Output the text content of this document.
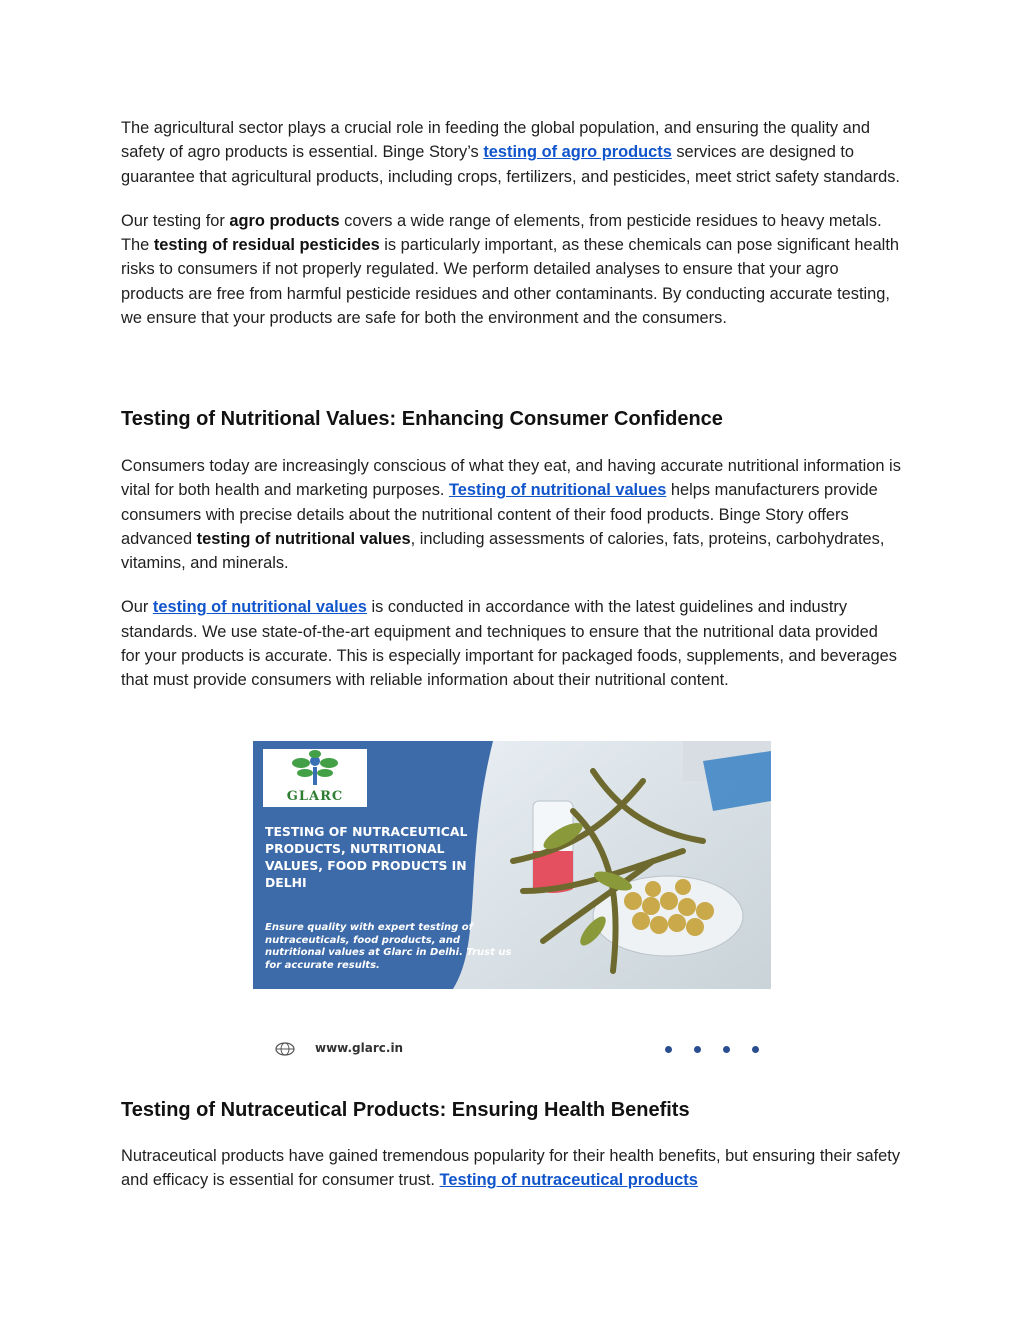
The agricultural sector plays a crucial role in feeding the global population, and ensuring the quality and safety of agro products is essential. Binge Story’s testing of agro products services are designed to guarantee that agricultural products, including crops, fertilizers, and pesticides, meet strict safety standards.

Our testing for agro products covers a wide range of elements, from pesticide residues to heavy metals. The testing of residual pesticides is particularly important, as these chemicals can pose significant health risks to consumers if not properly regulated. We perform detailed analyses to ensure that your agro products are free from harmful pesticide residues and other contaminants. By conducting accurate testing, we ensure that your products are safe for both the environment and the consumers.

Testing of Nutritional Values: Enhancing Consumer Confidence

Consumers today are increasingly conscious of what they eat, and having accurate nutritional information is vital for both health and marketing purposes. Testing of nutritional values helps manufacturers provide consumers with precise details about the nutritional content of their food products. Binge Story offers advanced testing of nutritional values, including assessments of calories, fats, proteins, carbohydrates, vitamins, and minerals.

Our testing of nutritional values is conducted in accordance with the latest guidelines and industry standards. We use state-of-the-art equipment and techniques to ensure that the nutritional data provided for your products is accurate. This is especially important for packaged foods, supplements, and beverages that must provide consumers with reliable information about their nutritional content.

GLARC
TESTING OF NUTRACEUTICAL PRODUCTS, NUTRITIONAL VALUES, FOOD PRODUCTS IN DELHI
Ensure quality with expert testing of nutraceuticals, food products, and nutritional values at Glarc in Delhi. Trust us for accurate results.
www.glarc.in
Testing of Nutraceutical Products: Ensuring Health Benefits

Nutraceutical products have gained tremendous popularity for their health benefits, but ensuring their safety and efficacy is essential for consumer trust. Testing of nutraceutical products
